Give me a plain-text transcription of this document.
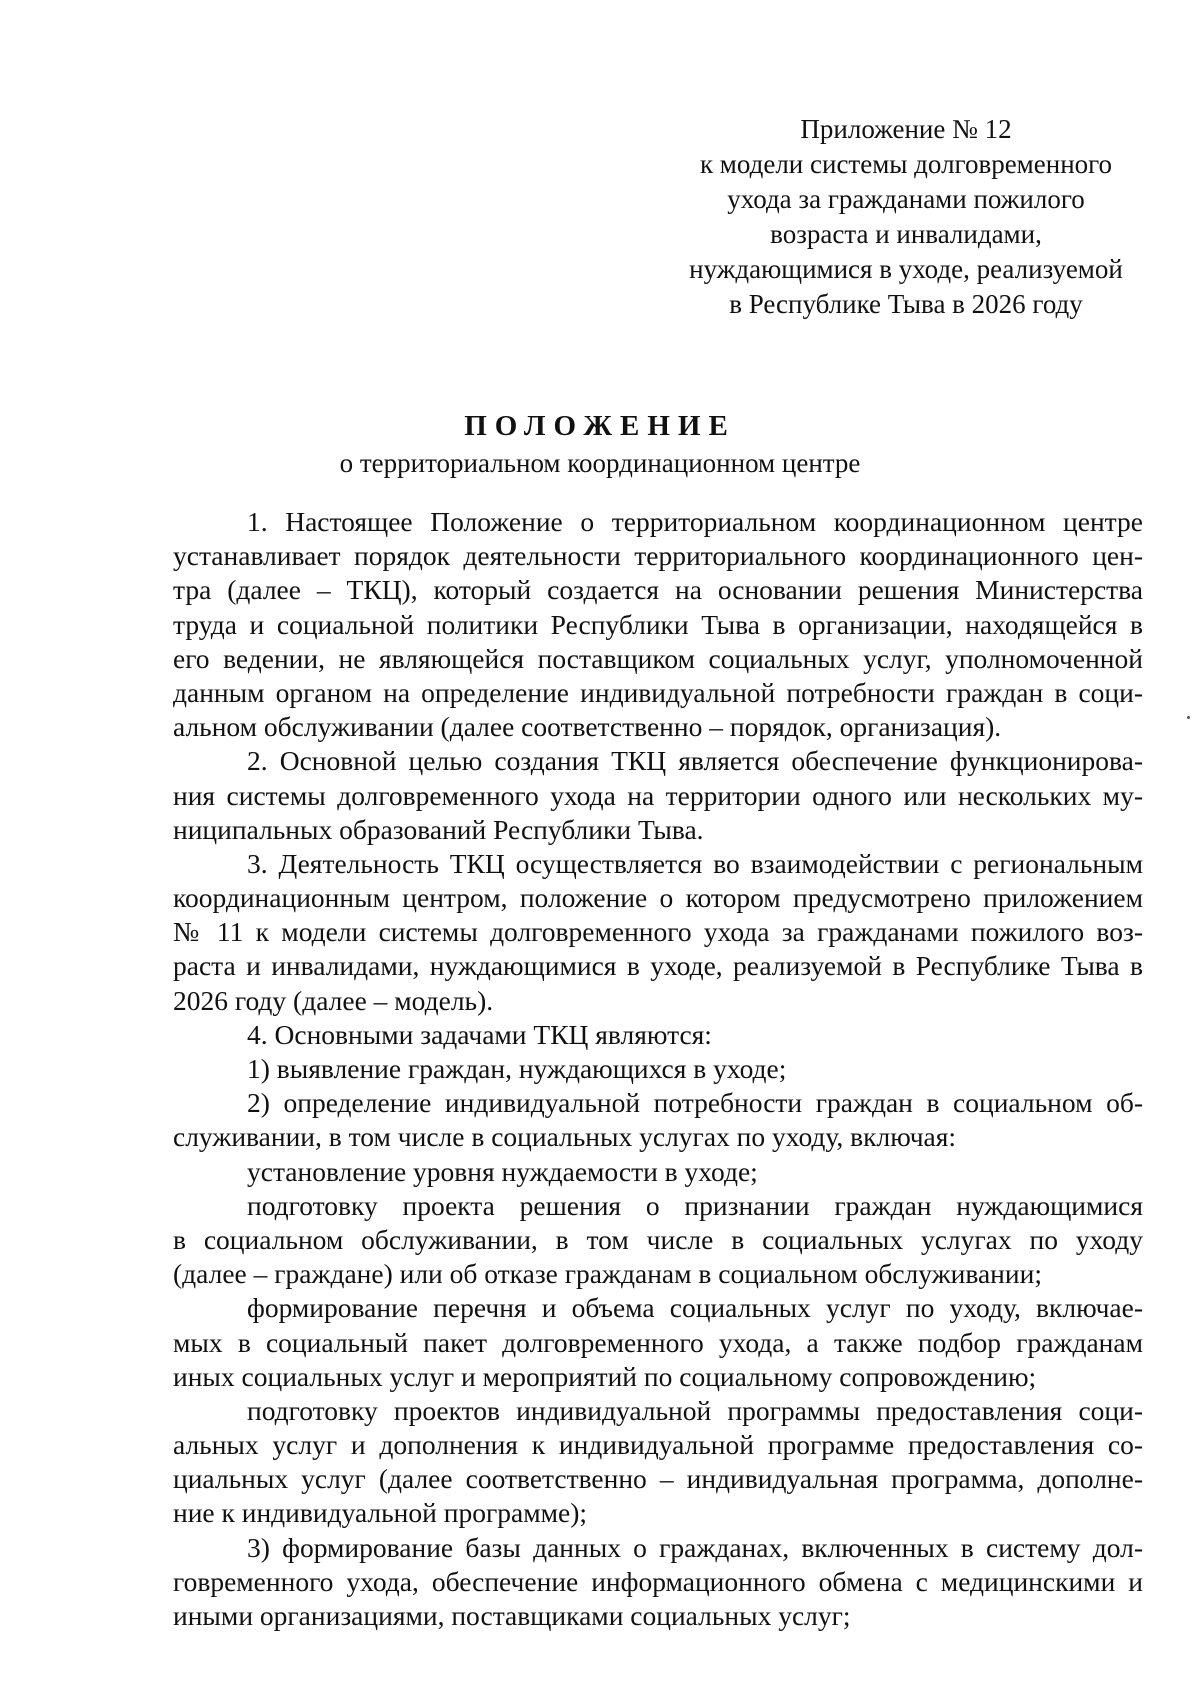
Приложение № 12
к модели системы долговременного
ухода за гражданами пожилого
возраста и инвалидами,
нуждающимися в уходе, реализуемой
в Республике Тыва в 2026 году
ПОЛОЖЕНИЕ
о территориальном координационном центре
1. Настоящее Положение о территориальном координационном центре
устанавливает порядок деятельности территориального координационного цен-
тра (далее – ТКЦ), который создается на основании решения Министерства
труда и социальной политики Республики Тыва в организации, находящейся в
его ведении, не являющейся поставщиком социальных услуг, уполномоченной
данным органом на определение индивидуальной потребности граждан в соци-
альном обслуживании (далее соответственно – порядок, организация).
2. Основной целью создания ТКЦ является обеспечение функционирова-
ния системы долговременного ухода на территории одного или нескольких му-
ниципальных образований Республики Тыва.
3. Деятельность ТКЦ осуществляется во взаимодействии с региональным
координационным центром, положение о котором предусмотрено приложением
№ 11 к модели системы долговременного ухода за гражданами пожилого воз-
раста и инвалидами, нуждающимися в уходе, реализуемой в Республике Тыва в
2026 году (далее – модель).
4. Основными задачами ТКЦ являются:
1) выявление граждан, нуждающихся в уходе;
2) определение индивидуальной потребности граждан в социальном об-
служивании, в том числе в социальных услугах по уходу, включая:
установление уровня нуждаемости в уходе;
подготовку проекта решения о признании граждан нуждающимися
в социальном обслуживании, в том числе в социальных услугах по уходу
(далее – граждане) или об отказе гражданам в социальном обслуживании;
формирование перечня и объема социальных услуг по уходу, включае-
мых в социальный пакет долговременного ухода, а также подбор гражданам
иных социальных услуг и мероприятий по социальному сопровождению;
подготовку проектов индивидуальной программы предоставления соци-
альных услуг и дополнения к индивидуальной программе предоставления со-
циальных услуг (далее соответственно – индивидуальная программа, дополне-
ние к индивидуальной программе);
3) формирование базы данных о гражданах, включенных в систему дол-
говременного ухода, обеспечение информационного обмена с медицинскими и
иными организациями, поставщиками социальных услуг;
